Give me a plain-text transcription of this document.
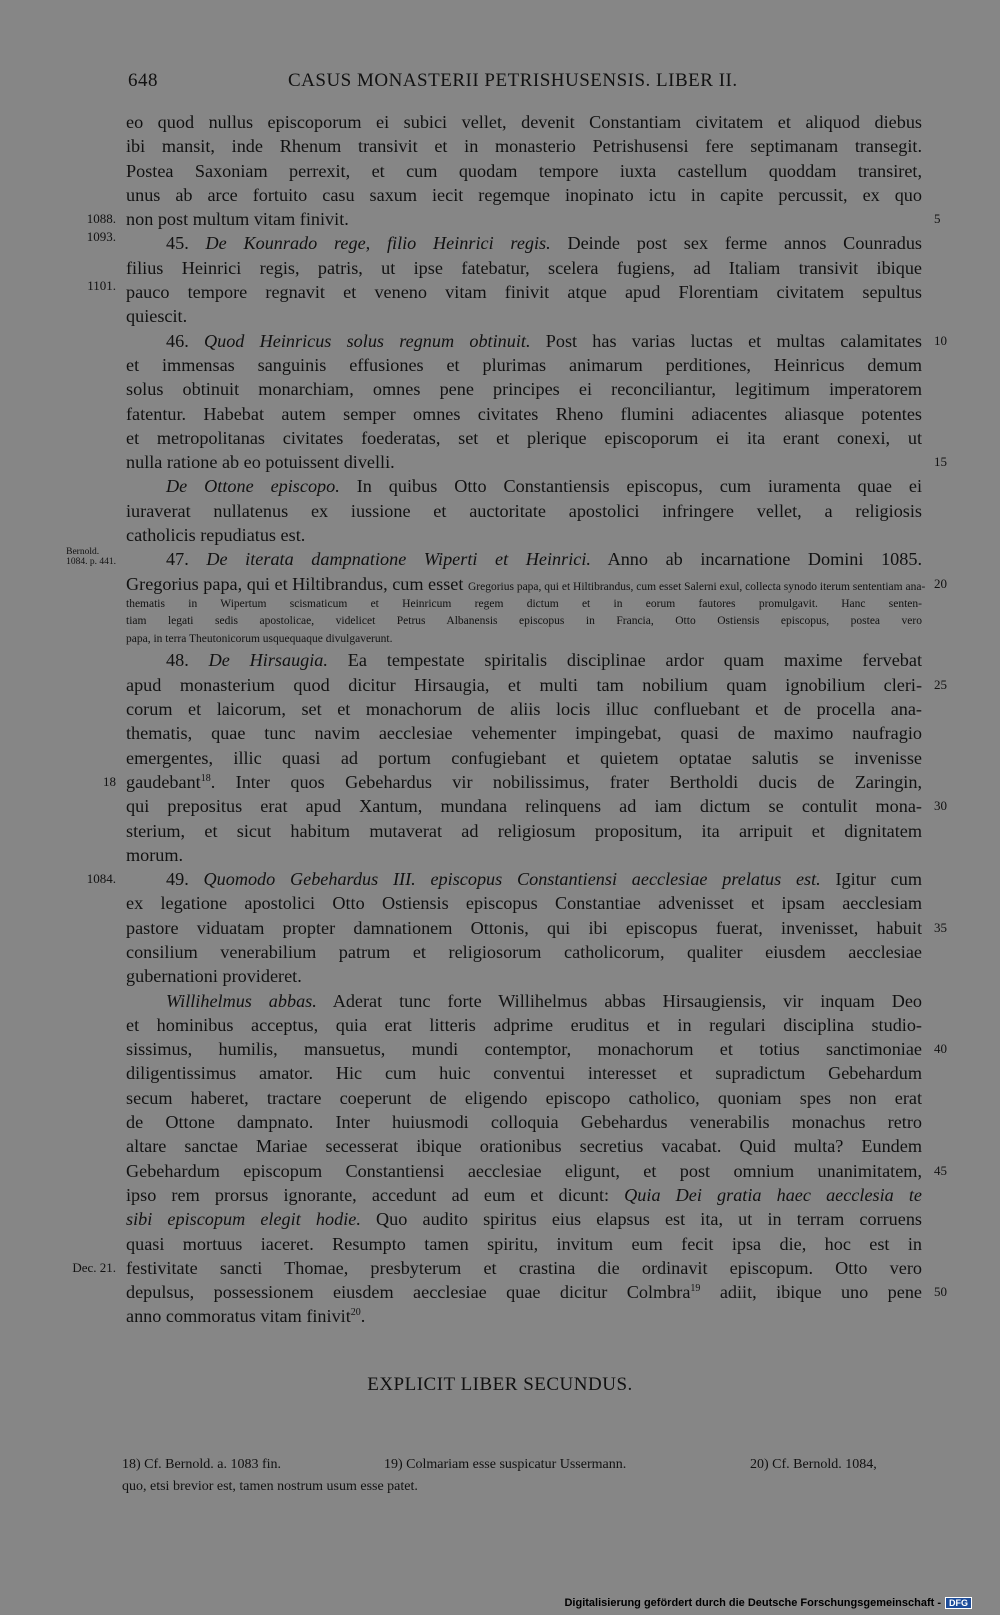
648	CASUS MONASTERII PETRISHUSENSIS. LIBER II.
eo quod nullus episcoporum ei subici vellet, devenit Constantiam civitatem et aliquod diebus
ibi mansit, inde Rhenum transivit et in monasterio Petrishusensi fere septimanam transegit.
Postea Saxoniam perrexit, et cum quodam tempore iuxta castellum quoddam transiret,
unus ab arce fortuito casu saxum iecit regemque inopinato ictu in capite percussit, ex quo
non post multum vitam finivit.
1088.	5
45. De Kounrado rege, filio Heinrici regis. Deinde post sex ferme annos Counradus
1093.
filius Heinrici regis, patris, ut ipse fatebatur, scelera fugiens, ad Italiam transivit ibique
pauco tempore regnavit et veneno vitam finivit atque apud Florentiam civitatem sepultus
1101.
quiescit.
46. Quod Heinricus solus regnum obtinuit. Post has varias luctas et multas calamitates 10
et immensas sanguinis effusiones et plurimas animarum perditiones, Heinricus demum
solus obtinuit monarchiam, omnes pene principes ei reconciliantur, legitimum imperatorem
fatentur. Habebat autem semper omnes civitates Rheno flumini adiacentes aliasque potentes
et metropolitanas civitates foederatas, set et plerique episcoporum ei ita erant conexi, ut
nulla ratione ab eo potuissent divelli.	15
De Ottone episcopo. In quibus Otto Constantiensis episcopus, cum iuramenta quae ei
iuraverat nullatenus ex iussione et auctoritate apostolici infringere vellet, a religiosis
catholicis repudiatus est.
47. De iterata dampnatione Wiperti et Heinrici. Anno ab incarnatione Domini 1085.
Bernold.
1084. p. 441.
Gregorius papa, qui et Hiltibrandus, cum esset Gregorius papa, qui et Hiltibrandus, cum esset Salerni exul, collecta synodo iterum sententiam ana- 20
thematis in Wipertum scismaticum et Heinricum regem dictum et in eorum fautores promulgavit. Hanc senten-
tiam legati sedis apostolicae, videlicet Petrus Albanensis episcopus in Francia, Otto Ostiensis episcopus, postea vero
papa, in terra Theutonicorum usquequaque divulgaverunt.
48. De Hirsaugia. Ea tempestate spiritalis disciplinae ardor quam maxime fervebat
apud monasterium quod dicitur Hirsaugia, et multi tam nobilium quam ignobilium cleri- 25
corum et laicorum, set et monachorum de aliis locis illuc confluebant et de procella ana-
thematis, quae tunc navim aecclesiae vehementer impingebat, quasi de maximo naufragio
emergentes, illic quasi ad portum confugiebant et quietem optatae salutis se invenisse
gaudebant$^{18}$. Inter quos Gebehardus vir nobilissimus, frater Bertholdi ducis de Zaringin,
18
qui prepositus erat apud Xantum, mundana relinquens ad iam dictum se contulit mona- 30
sterium, et sicut habitum mutaverat ad religiosum propositum, ita arripuit et dignitatem
morum.
49. Quomodo Gebehardus III. episcopus Constantiensi aecclesiae prelatus est. Igitur cum
1084.
ex legatione apostolici Otto Ostiensis episcopus Constantiae advenisset et ipsam aecclesiam
pastore viduatam propter damnationem Ottonis, qui ibi episcopus fuerat, invenisset, habuit 35
consilium venerabilium patrum et religiosorum catholicorum, qualiter eiusdem aecclesiae
gubernationi provideret.
Willihelmus abbas. Aderat tunc forte Willihelmus abbas Hirsaugiensis, vir inquam Deo
et hominibus acceptus, quia erat litteris adprime eruditus et in regulari disciplina studio-
sissimus, humilis, mansuetus, mundi contemptor, monachorum et totius sanctimoniae 40
diligentissimus amator. Hic cum huic conventui interesset et supradictum Gebehardum
secum haberet, tractare coeperunt de eligendo episcopo catholico, quoniam spes non erat
de Ottone dampnato. Inter huiusmodi colloquia Gebehardus venerabilis monachus retro
altare sanctae Mariae secesserat ibique orationibus secretius vacabat. Quid multa? Eundem
Gebehardum episcopum Constantiensi aecclesiae eligunt, et post omnium unanimitatem, 45
ipso rem prorsus ignorante, accedunt ad eum et dicunt: Quia Dei gratia haec aecclesia te
sibi episcopum elegit hodie. Quo audito spiritus eius elapsus est ita, ut in terram corruens
quasi mortuus iaceret. Resumpto tamen spiritu, invitum eum fecit ipsa die, hoc est in
festivitate sancti Thomae, presbyterum et crastina die ordinavit episcopum. Otto vero
Dec. 21.
depulsus, possessionem eiusdem aecclesiae quae dicitur Colmbra$^{19}$ adiit, ibique uno pene 50
anno commoratus vitam finivit$^{20}$.
EXPLICIT LIBER SECUNDUS.
18) Cf. Bernold. a. 1083 fin.	19) Colmariam esse suspicatur Ussermann.	20) Cf. Bernold. 1084,
quo, etsi brevior est, tamen nostrum usum esse patet.
Digitalisierung gefördert durch die Deutsche Forschungsgemeinschaft - DFG
